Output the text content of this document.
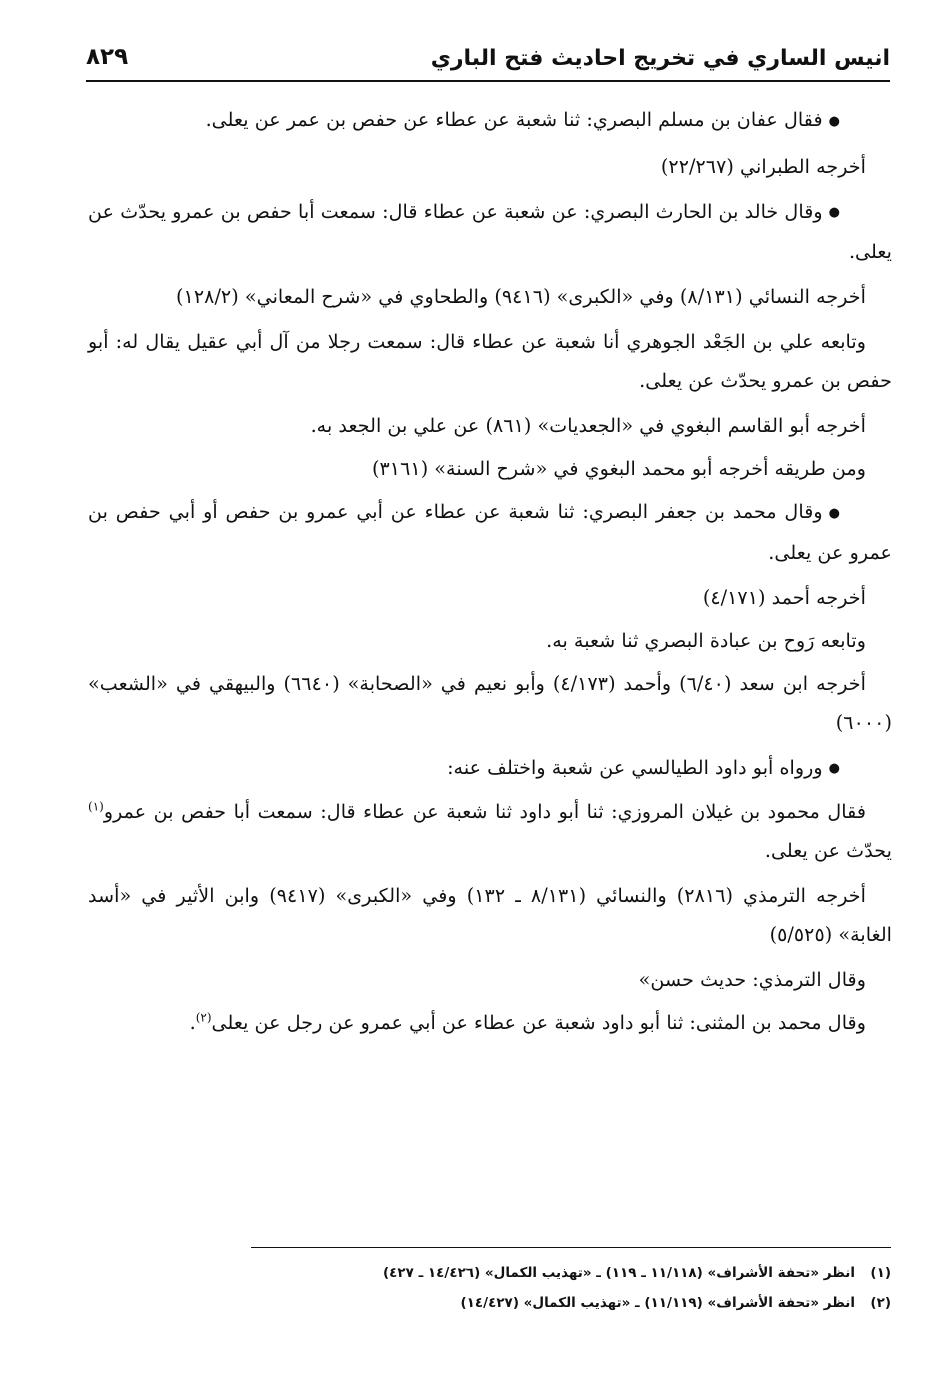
انيس الساري في تخريج احاديث فتح الباري
٨٢٩

●فقال عفان بن مسلم البصري: ثنا شعبة عن عطاء عن حفص بن عمر عن يعلى.

أخرجه الطبراني (٢٢/٢٦٧)

●وقال خالد بن الحارث البصري: عن شعبة عن عطاء قال: سمعت أبا حفص بن عمرو يحدّث عن يعلى.

أخرجه النسائي (٨/١٣١) وفي «الكبرى» (٩٤١٦) والطحاوي في «شرح المعاني» (١٢٨/٢)

وتابعه علي بن الجَعْد الجوهري أنا شعبة عن عطاء قال: سمعت رجلا من آل أبي عقيل يقال له: أبو حفص بن عمرو يحدّث عن يعلى.

أخرجه أبو القاسم البغوي في «الجعديات» (٨٦١) عن علي بن الجعد به.

ومن طريقه أخرجه أبو محمد البغوي في «شرح السنة» (٣١٦١)

●وقال محمد بن جعفر البصري: ثنا شعبة عن عطاء عن أبي عمرو بن حفص أو أبي حفص بن عمرو عن يعلى.

أخرجه أحمد (٤/١٧١)

وتابعه رَوح بن عبادة البصري ثنا شعبة به.

أخرجه ابن سعد (٦/٤٠) وأحمد (٤/١٧٣) وأبو نعيم في «الصحابة» (٦٦٤٠) والبيهقي في «الشعب» (٦٠٠٠)

●ورواه أبو داود الطيالسي عن شعبة واختلف عنه:

فقال محمود بن غيلان المروزي: ثنا أبو داود ثنا شعبة عن عطاء قال: سمعت أبا حفص بن عمرو$^{(١)}$ يحدّث عن يعلى.

أخرجه الترمذي (٢٨١٦) والنسائي (٨/١٣١ ـ ١٣٢) وفي «الكبرى» (٩٤١٧) وابن الأثير في «أسد الغابة» (٥/٥٢٥)

وقال الترمذي: حديث حسن»

وقال محمد بن المثنى: ثنا أبو داود شعبة عن عطاء عن أبي عمرو عن رجل عن يعلى$^{(٢)}$.

(١)انظر «تحفة الأشراف» (١١/١١٨ ـ ١١٩) ـ «تهذيب الكمال» (١٤/٤٢٦ ـ ٤٢٧)
(٢)انظر «تحفة الأشراف» (١١/١١٩) ـ «تهذيب الكمال» (١٤/٤٢٧)
